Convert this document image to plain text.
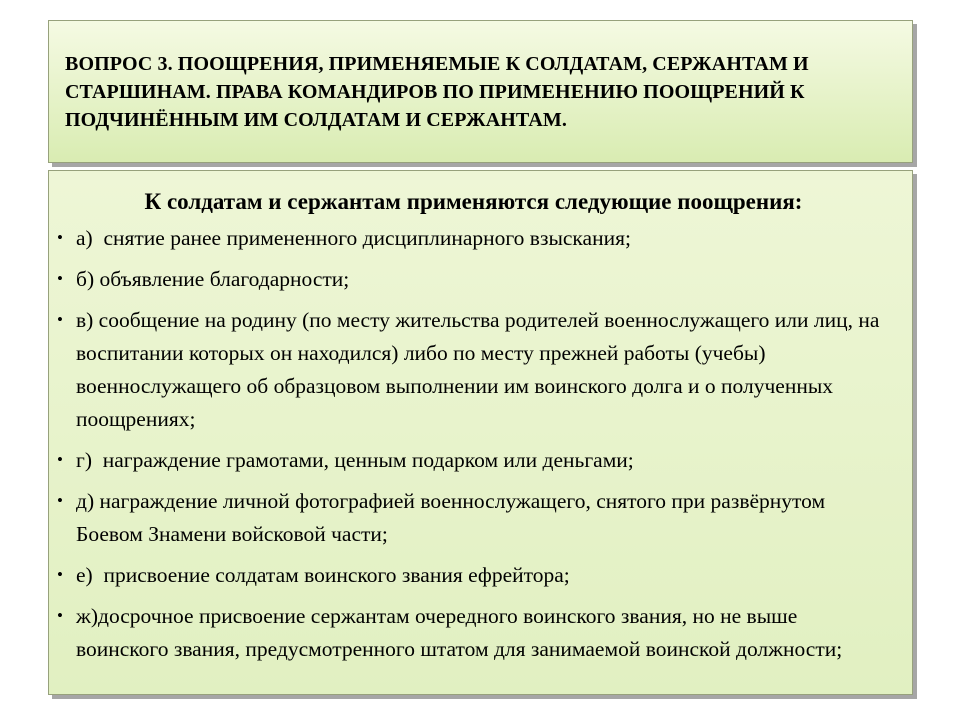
ВОПРОС 3. ПООЩРЕНИЯ, ПРИМЕНЯЕМЫЕ К СОЛДАТАМ, СЕРЖАНТАМ И СТАРШИНАМ. ПРАВА КОМАНДИРОВ ПО ПРИМЕНЕНИЮ ПООЩРЕНИЙ К ПОДЧИНЁННЫМ ИМ СОЛДАТАМ И СЕРЖАНТАМ.
К солдатам и сержантам применяются следующие поощрения:
• а)  снятие ранее примененного дисциплинарного взыскания;
• б) объявление благодарности;
• в) сообщение на родину (по месту жительства родителей военнослужащего или лиц, на воспитании которых он находился) либо по месту прежней работы (учебы) военнослужащего об образцовом выполнении им воинского долга и о полученных поощрениях;
• г)  награждение грамотами, ценным подарком или деньгами;
• д) награждение личной фотографией военнослужащего, снятого при развёрнутом Боевом Знамени войсковой части;
• е)  присвоение солдатам воинского звания ефрейтора;
• ж)досрочное присвоение сержантам очередного воинского звания, но не выше воинского звания, предусмотренного штатом для занимаемой воинской должности;
